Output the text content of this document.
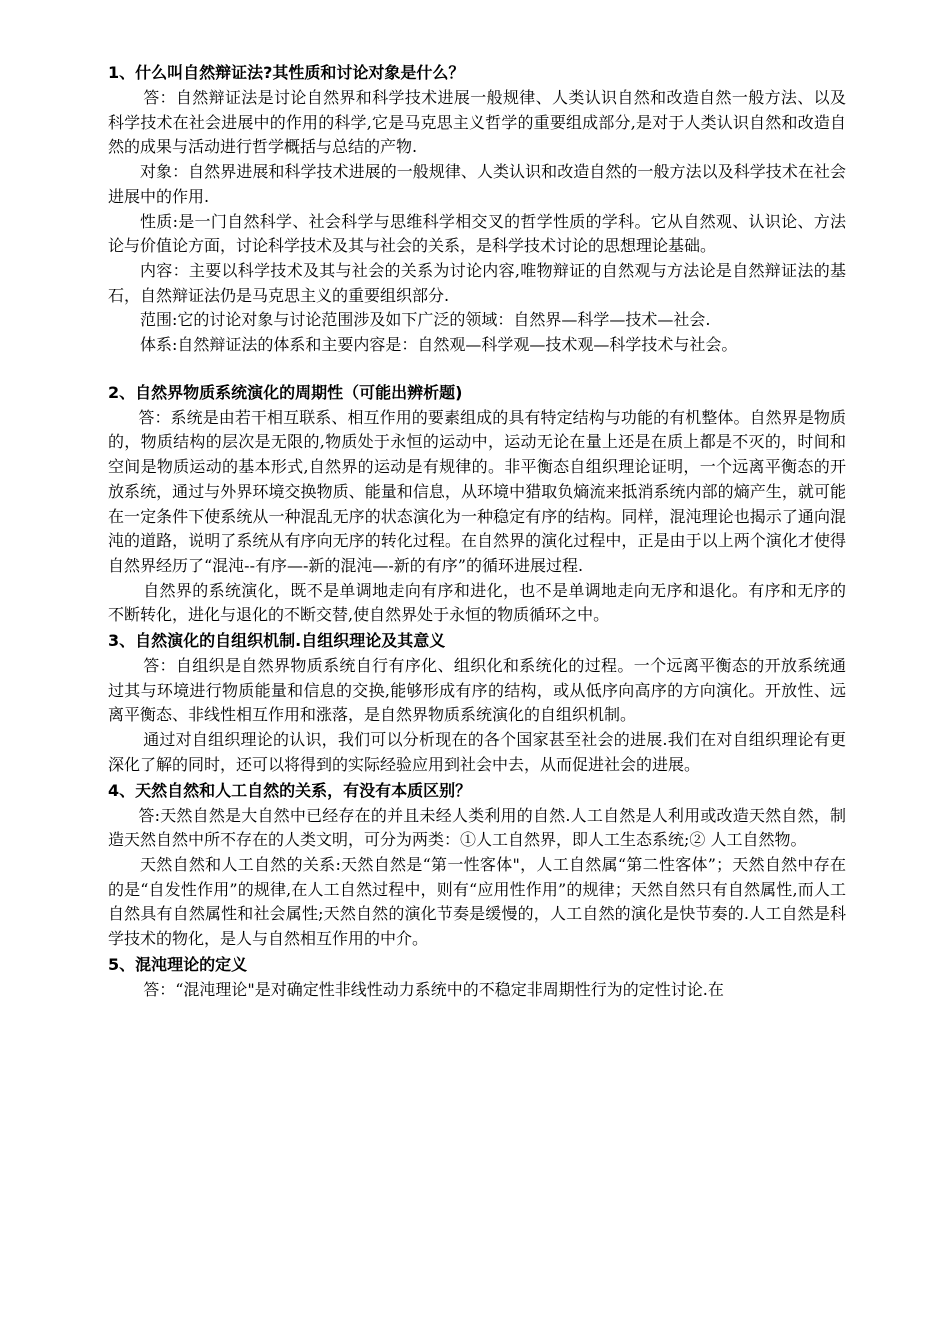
1、什么叫自然辩证法?其性质和讨论对象是什么？

答：自然辩证法是讨论自然界和科学技术进展一般规律、人类认识自然和改造自然一般方法、以及科学技术在社会进展中的作用的科学,它是马克思主义哲学的重要组成部分,是对于人类认识自然和改造自然的成果与活动进行哲学概括与总结的产物.

对象：自然界进展和科学技术进展的一般规律、人类认识和改造自然的一般方法以及科学技术在社会进展中的作用.

性质:是一门自然科学、社会科学与思维科学相交叉的哲学性质的学科。它从自然观、认识论、方法论与价值论方面，讨论科学技术及其与社会的关系，是科学技术讨论的思想理论基础。

内容：主要以科学技术及其与社会的关系为讨论内容,唯物辩证的自然观与方法论是自然辩证法的基石，自然辩证法仍是马克思主义的重要组织部分.

范围:它的讨论对象与讨论范围涉及如下广泛的领域：自然界—科学—技术—社会.

体系:自然辩证法的体系和主要内容是：自然观—科学观—技术观—科学技术与社会。

2、自然界物质系统演化的周期性（可能出辨析题)

答：系统是由若干相互联系、相互作用的要素组成的具有特定结构与功能的有机整体。自然界是物质的，物质结构的层次是无限的,物质处于永恒的运动中，运动无论在量上还是在质上都是不灭的，时间和空间是物质运动的基本形式,自然界的运动是有规律的。非平衡态自组织理论证明，一个远离平衡态的开放系统，通过与外界环境交换物质、能量和信息，从环境中猎取负熵流来抵消系统内部的熵产生，就可能在一定条件下使系统从一种混乱无序的状态演化为一种稳定有序的结构。同样，混沌理论也揭示了通向混沌的道路，说明了系统从有序向无序的转化过程。在自然界的演化过程中，正是由于以上两个演化才使得自然界经历了“混沌--有序—-新的混沌—-新的有序”的循环进展过程.

自然界的系统演化，既不是单调地走向有序和进化，也不是单调地走向无序和退化。有序和无序的不断转化，进化与退化的不断交替,使自然界处于永恒的物质循环之中。

3、自然演化的自组织机制.自组织理论及其意义

答：自组织是自然界物质系统自行有序化、组织化和系统化的过程。一个远离平衡态的开放系统通过其与环境进行物质能量和信息的交换,能够形成有序的结构，或从低序向高序的方向演化。开放性、远离平衡态、非线性相互作用和涨落，是自然界物质系统演化的自组织机制。

通过对自组织理论的认识，我们可以分析现在的各个国家甚至社会的进展.我们在对自组织理论有更深化了解的同时，还可以将得到的实际经验应用到社会中去，从而促进社会的进展。

4、天然自然和人工自然的关系，有没有本质区别？

答:天然自然是大自然中已经存在的并且未经人类利用的自然.人工自然是人利用或改造天然自然，制造天然自然中所不存在的人类文明，可分为两类：①人工自然界，即人工生态系统;② 人工自然物。

天然自然和人工自然的关系:天然自然是“第一性客体"，人工自然属“第二性客体”；天然自然中存在的是“自发性作用”的规律,在人工自然过程中，则有“应用性作用”的规律；天然自然只有自然属性,而人工自然具有自然属性和社会属性;天然自然的演化节奏是缓慢的，人工自然的演化是快节奏的.人工自然是科学技术的物化，是人与自然相互作用的中介。

5、混沌理论的定义

答：“混沌理论"是对确定性非线性动力系统中的不稳定非周期性行为的定性讨论.在
